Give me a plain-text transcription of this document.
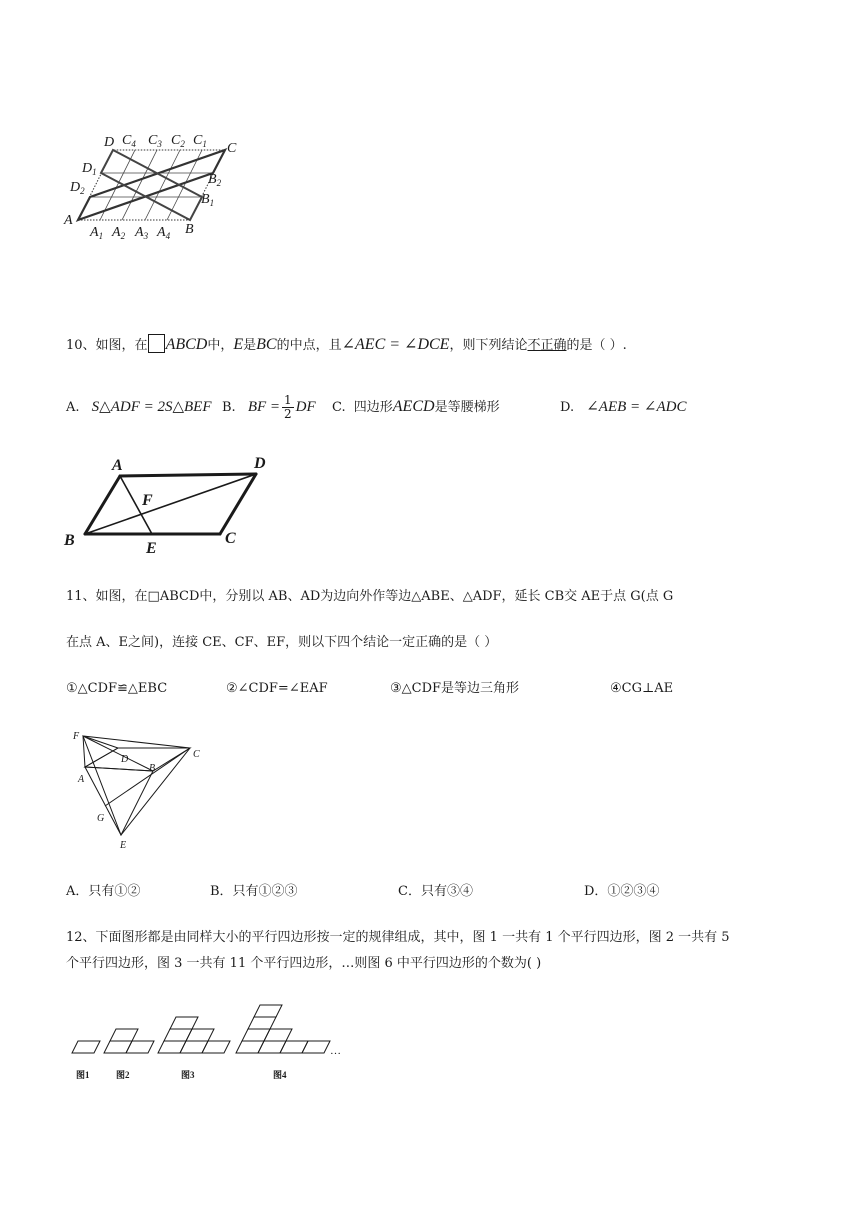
D $C_4$ $C_3$ $C_2$ $C_1$ C
$D_1$
$D_2$
A
$B_2$
$B_1$
B
$A_1$ $A_2$ $A_3$ $A_4$
10、如图，在 ABCD中，E是BC的中点，且∠AEC = ∠DCE，则下列结论不正确的是（ ）.
A. S△ADF = 2S△BEF B. BF = $\frac{1}{2}$ DF C. 四边形AECD是等腰梯形	D. ∠AEB = ∠ADC
A	D
F
B	E
C
11、如图，在□ABCD中，分别以 AB、AD为边向外作等边△ABE、△ADF，延长 CB交 AE于点 G(点 G
在点 A、E之间)，连接 CE、CF、EF，则以下四个结论一定正确的是（ ）
①△CDF≌△EBC	②∠CDF=∠EAF	③△CDF是等边三角形	④CG⊥AE
F
D	C
B
A
G
E
A．只有①②	B．只有①②③	C．只有③④	D．①②③④
12、下面图形都是由同样大小的平行四边形按一定的规律组成，其中，图 1 一共有 1 个平行四边形，图 2 一共有 5
个平行四边形，图 3 一共有 11 个平行四边形，…则图 6 中平行四边形的个数为( )
…
图1	图2	图3	图4
